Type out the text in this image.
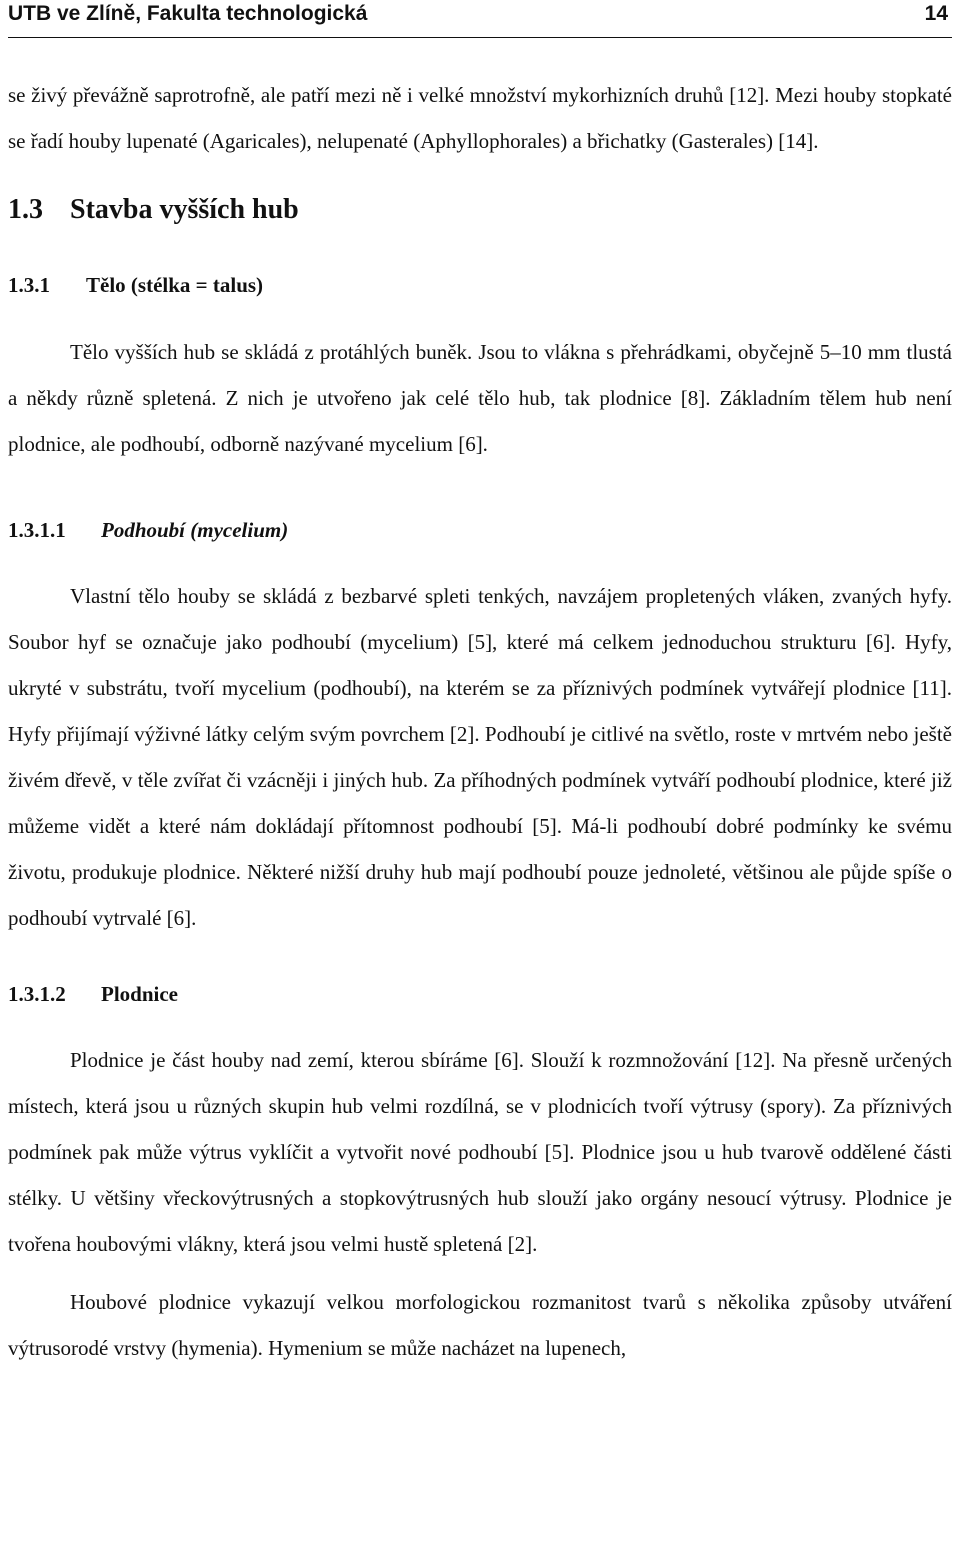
UTB ve Zlíně, Fakulta technologická	14

se živý převážně saprotrofně, ale patří mezi ně i velké množství mykorhizních druhů [12]. Mezi houby stopkaté se řadí houby lupenaté (Agaricales), nelupenaté (Aphyllophorales) a břichatky (Gasterales) [14].

1.3 Stavba vyšších hub
1.3.1 Tělo (stélka = talus)

Tělo vyšších hub se skládá z protáhlých buněk. Jsou to vlákna s přehrádkami, obyčejně 5–10 mm tlustá a někdy různě spletená. Z nich je utvořeno jak celé tělo hub, tak plodnice [8]. Základním tělem hub není plodnice, ale podhoubí, odborně nazývané mycelium [6].

1.3.1.1 Podhoubí (mycelium)

Vlastní tělo houby se skládá z bezbarvé spleti tenkých, navzájem propletených vláken, zvaných hyfy. Soubor hyf se označuje jako podhoubí (mycelium) [5], které má celkem jednoduchou strukturu [6]. Hyfy, ukryté v substrátu, tvoří mycelium (podhoubí), na kterém se za příznivých podmínek vytvářejí plodnice [11]. Hyfy přijímají výživné látky celým svým povrchem [2]. Podhoubí je citlivé na světlo, roste v mrtvém nebo ještě živém dřevě, v těle zvířat či vzácněji i jiných hub. Za příhodných podmínek vytváří podhoubí plodnice, které již můžeme vidět a které nám dokládají přítomnost podhoubí [5]. Má-li podhoubí dobré podmínky ke svému životu, produkuje plodnice. Některé nižší druhy hub mají podhoubí pouze jednoleté, většinou ale půjde spíše o podhoubí vytrvalé [6].

1.3.1.2 Plodnice

Plodnice je část houby nad zemí, kterou sbíráme [6]. Slouží k rozmnožování [12]. Na přesně určených místech, která jsou u různých skupin hub velmi rozdílná, se v plodnicích tvoří výtrusy (spory). Za příznivých podmínek pak může výtrus vyklíčit a vytvořit nové podhoubí [5]. Plodnice jsou u hub tvarově oddělené části stélky. U většiny vřeckovýtrusných a stopkovýtrusných hub slouží jako orgány nesoucí výtrusy. Plodnice je tvořena houbovými vlákny, která jsou velmi hustě spletená [2].

Houbové plodnice vykazují velkou morfologickou rozmanitost tvarů s několika způsoby utváření výtrusorodé vrstvy (hymenia). Hymenium se může nacházet na lupenech,
